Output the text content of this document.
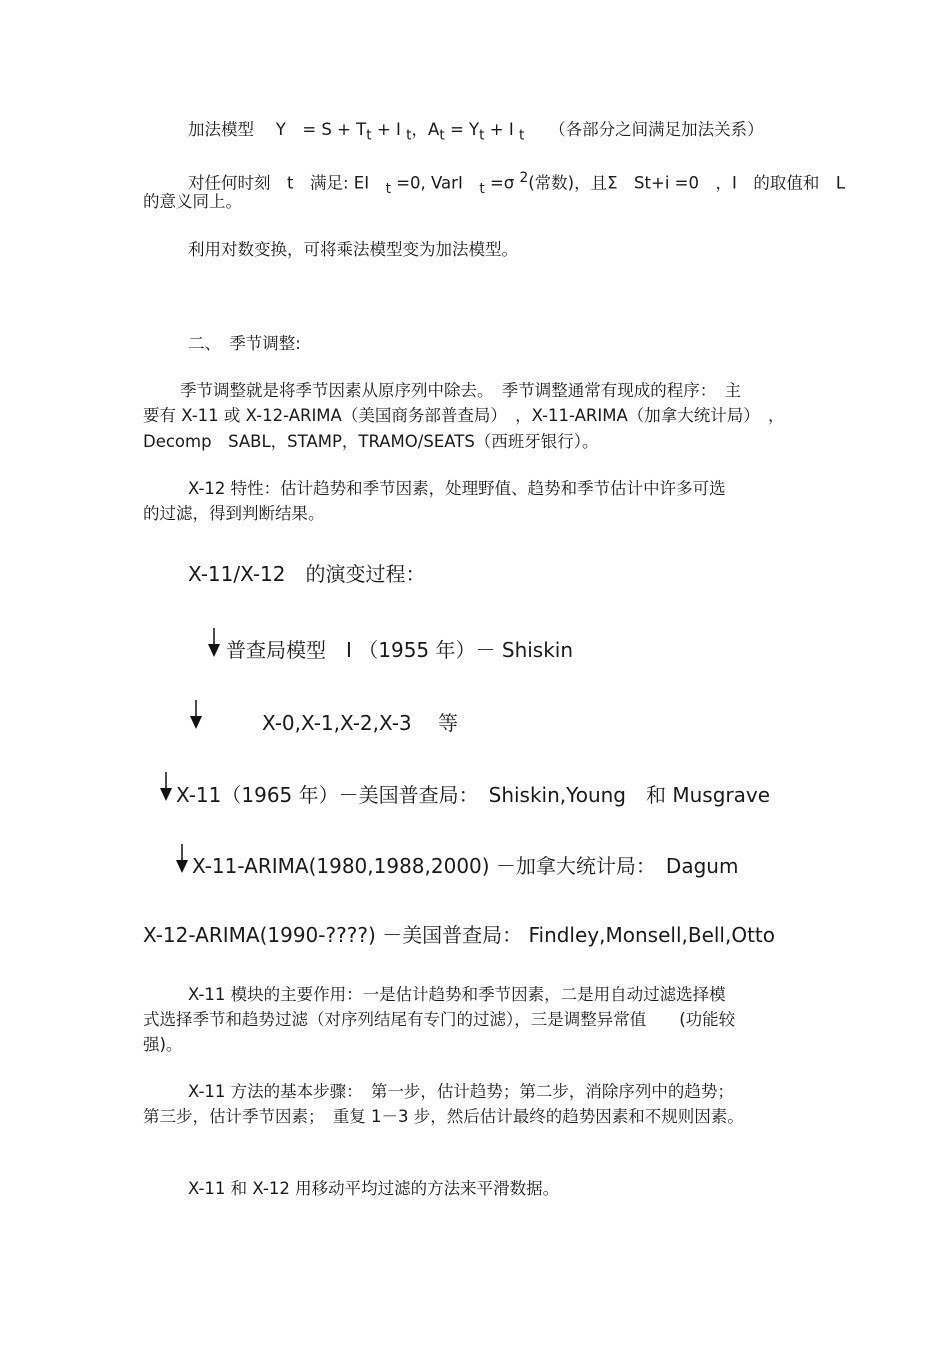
加法模型　 Y　= $S + T_t + I$ $_t$，$A_t = Y_t + I$ $_t$　　（各部分之间满足加法关系）
对任何时刻　t　满足: EI　$_t$ =0, VarI　$_t$ =σ $^2$(常数)，且Σ　St+i =0　，I　的取值和　L
的意义同上。
利用对数变换，可将乘法模型变为加法模型。
二、　季节调整:
季节调整就是将季节因素从原序列中除去。　季节调整通常有现成的程序：　主
要有 X-11 或 X-12-ARIMA（美国商务部普查局）　，X-11-ARIMA（加拿大统计局）　，
Decomp　SABL，STAMP，TRAMO/SEATS（西班牙银行）。
X-12 特性：估计趋势和季节因素，处理野值、趋势和季节估计中许多可选
的过滤，得到判断结果。
X-11/X-12　的演变过程：
普查局模型　I （1955 年）－ Shiskin
X-0,X-1,X-2,X-3　 等
X-11（1965 年）－美国普查局：　Shiskin,Young　和 Musgrave
X-11-ARIMA(1980,1988,2000) －加拿大统计局：　Dagum
X-12-ARIMA(1990-????) －美国普查局： Findley,Monsell,Bell,Otto
X-11 模块的主要作用：一是估计趋势和季节因素，二是用自动过滤选择模
式选择季节和趋势过滤（对序列结尾有专门的过滤），三是调整异常值　　(功能较
强)。
X-11 方法的基本步骤：　第一步，估计趋势；第二步，消除序列中的趋势；
第三步，估计季节因素；　重复 1－3 步，然后估计最终的趋势因素和不规则因素。
X-11 和 X-12 用移动平均过滤的方法来平滑数据。
